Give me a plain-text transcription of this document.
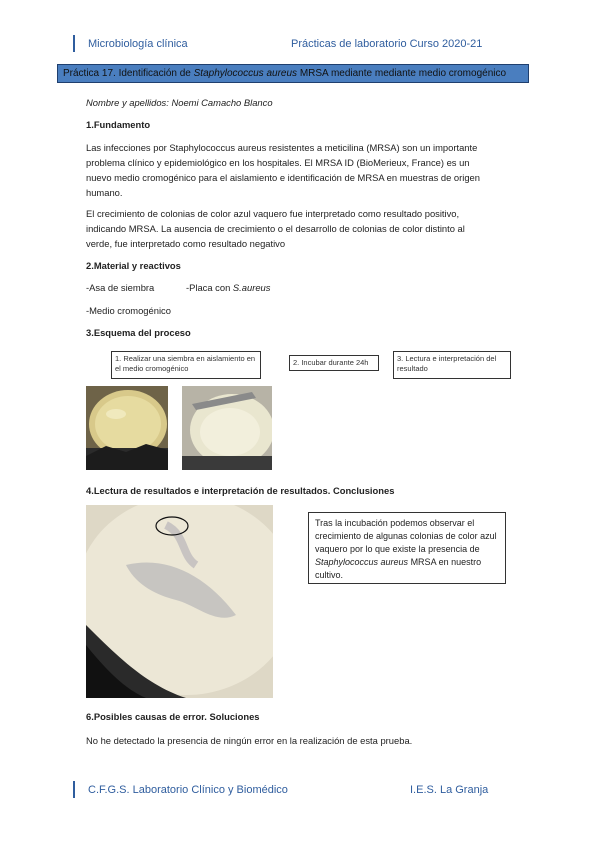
Microbiología clínica	Prácticas de laboratorio Curso 2020-21
Práctica 17. Identificación de Staphylococcus aureus MRSA mediante mediante medio cromogénico
Nombre y apellidos: Noemi Camacho Blanco
1.Fundamento
Las infecciones por Staphylococcus aureus resistentes a meticilina (MRSA) son un importante
problema clínico y epidemiológico en los hospitales. El MRSA ID (BioMerieux, France) es un
nuevo medio cromogénico para el aislamiento e identificación de MRSA en muestras de origen
humano.
El crecimiento de colonias de color azul vaquero fue interpretado como resultado positivo,
indicando MRSA. La ausencia de crecimiento o el desarrollo de colonias de color distinto al
verde, fue interpretado como resultado negativo
2.Material y reactivos
-Asa de siembra	-Placa con S.aureus
-Medio cromogénico
3.Esquema del proceso
1. Realizar una siembra en aislamiento en el medio cromogénico
2. Incubar durante 24h	3. Lectura e interpretación del resultado
4.Lectura de resultados e interpretación de resultados. Conclusiones
Tras la incubación podemos observar el crecimiento de algunas colonias de color azul vaquero por lo que existe la presencia de Staphylococcus aureus MRSA en nuestro cultivo.
6.Posibles causas de error. Soluciones
No he detectado la presencia de ningún error en la realización de esta prueba.
C.F.G.S. Laboratorio Clínico y Biomédico	I.E.S. La Granja
